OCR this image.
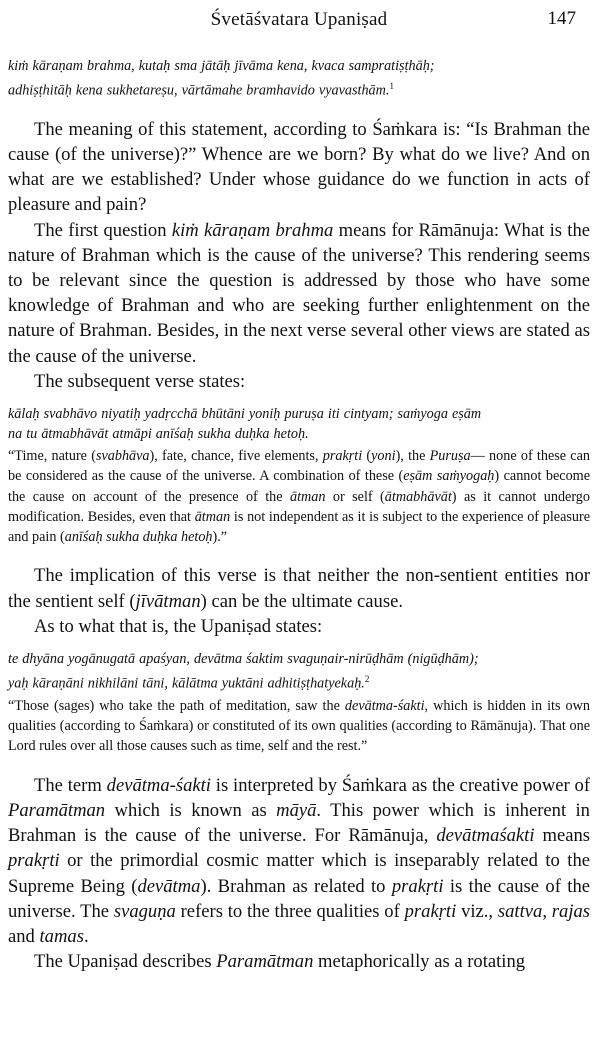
Śvetāśvatara Upaniṣad	147
kiṁ kāraṇam brahma, kutaḥ sma jātāḥ jīvāma kena, kvaca sampratiṣṭhāḥ;
adhiṣṭhitāḥ kena sukhetareṣu, vārtāmahe bramhavido vyavasthām.$^1$

The meaning of this statement, according to Śaṁkara is: “Is Brahman the cause (of the universe)?” Whence are we born? By what do we live? And on what are we established? Under whose guidance do we function in acts of pleasure and pain?

The first question kiṁ kāraṇam brahma means for Rāmānuja: What is the nature of Brahman which is the cause of the universe? This rendering seems to be relevant since the question is addressed by those who have some knowledge of Brahman and who are seeking further enlightenment on the nature of Brahman. Besides, in the next verse several other views are stated as the cause of the universe.

The subsequent verse states:

kālaḥ svabhāvo niyatiḥ yadṛcchā bhūtāni yoniḥ puruṣa iti cintyam; saṁyoga eṣām
na tu ātmabhāvāt atmāpi anīśaḥ sukha duḥka hetoḥ.

“Time, nature (svabhāva), fate, chance, five elements, prakṛti (yoni), the Puruṣa— none of these can be considered as the cause of the universe. A combination of these (eṣām saṁyogaḥ) cannot become the cause on account of the presence of the ātman or self (ātmabhāvāt) as it cannot undergo modification. Besides, even that ātman is not independent as it is subject to the experience of pleasure and pain (anīśaḥ sukha duḥka hetoḥ).”

The implication of this verse is that neither the non-sentient entities nor the sentient self (jīvātman) can be the ultimate cause.

As to what that is, the Upaniṣad states:

te dhyāna yogānugatā apaśyan, devātma śaktim svaguṇair-nirūḍhām (nigūḍhām);
yaḥ kāraṇāni nikhilāni tāni, kālātma yuktāni adhitiṣṭhatyekaḥ.$^2$

“Those (sages) who take the path of meditation, saw the devātma-śakti, which is hidden in its own qualities (according to Śaṁkara) or constituted of its own qualities (according to Rāmānuja). That one Lord rules over all those causes such as time, self and the rest.”

The term devātma-śakti is interpreted by Śaṁkara as the creative power of Paramātman which is known as māyā. This power which is inherent in Brahman is the cause of the universe. For Rāmānuja, devātmaśakti means prakṛti or the primordial cosmic matter which is inseparably related to the Supreme Being (devātma). Brahman as related to prakṛti is the cause of the universe. The svaguṇa refers to the three qualities of prakṛti viz., sattva, rajas and tamas.

The Upaniṣad describes Paramātman metaphorically as a rotating
